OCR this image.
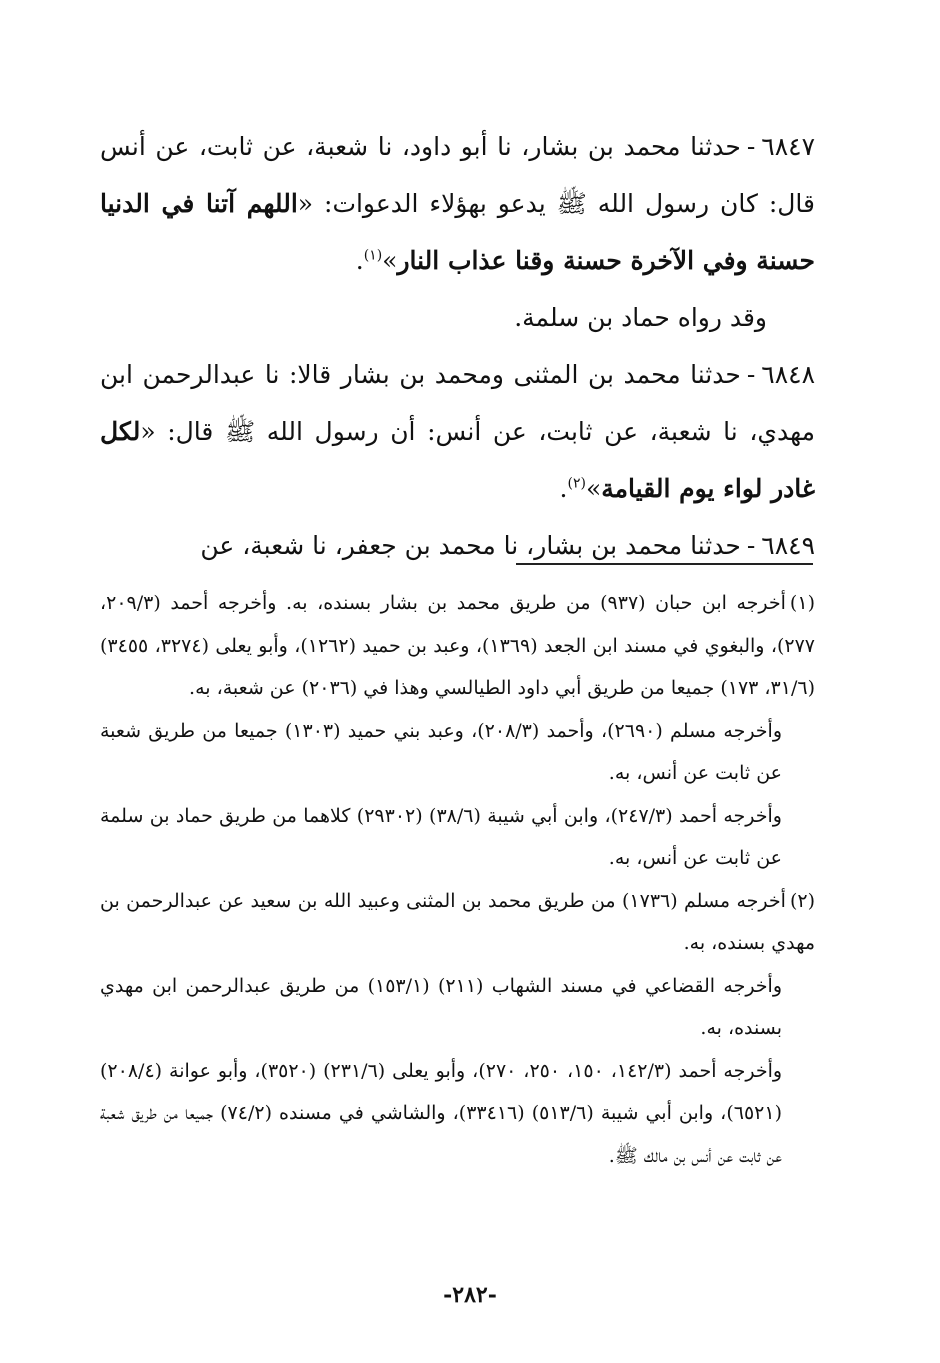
٦٨٤٧-حدثنا محمد بن بشار، نا أبو داود، نا شعبة، عن ثابت، عن أنس قال: كان رسول الله ﷺ يدعو بهؤلاء الدعوات: «اللهم آتنا في الدنيا حسنة وفي الآخرة حسنة وقنا عذاب النار»$^{(١)}$.

وقد رواه حماد بن سلمة.

٦٨٤٨-حدثنا محمد بن المثنى ومحمد بن بشار قالا: نا عبدالرحمن ابن مهدي، نا شعبة، عن ثابت، عن أنس: أن رسول الله ﷺ قال: «لكل غادر لواء يوم القيامة»$^{(٢)}$.

٦٨٤٩-حدثنا محمد بن بشار، نا محمد بن جعفر، نا شعبة، عن

(١)أخرجه ابن حبان (٩٣٧) من طريق محمد بن بشار بسنده، به. وأخرجه أحمد (٢٠٩/٣، ٢٧٧)، والبغوي في مسند ابن الجعد (١٣٦٩)، وعبد بن حميد (١٢٦٢)، وأبو يعلى (٣٢٧٤، ٣٤٥٥) (٣١/٦، ١٧٣) جميعا من طريق أبي داود الطيالسي وهذا في (٢٠٣٦) عن شعبة، به.

وأخرجه مسلم (٢٦٩٠)، وأحمد (٢٠٨/٣)، وعبد بني حميد (١٣٠٣) جميعا من طريق شعبة عن ثابت عن أنس، به.

وأخرجه أحمد (٢٤٧/٣)، وابن أبي شيبة (٣٨/٦) (٢٩٣٠٢) كلاهما من طريق حماد بن سلمة عن ثابت عن أنس، به.

(٢)أخرجه مسلم (١٧٣٦) من طريق محمد بن المثنى وعبيد الله بن سعيد عن عبدالرحمن بن مهدي بسنده، به.

وأخرجه القضاعي في مسند الشهاب (٢١١) (١٥٣/١) من طريق عبدالرحمن ابن مهدي بسنده، به.

وأخرجه أحمد (١٤٢/٣، ١٥٠، ٢٥٠، ٢٧٠)، وأبو يعلى (٢٣١/٦) (٣٥٢٠)، وأبو عوانة (٢٠٨/٤) (٦٥٢١)، وابن أبي شيبة (٥١٣/٦) (٣٣٤١٦)، والشاشي في مسنده (٧٤/٢) جميعا من طريق شعبة عن ثابت عن أنس بن مالك ﷺ.

-٢٨٢-
